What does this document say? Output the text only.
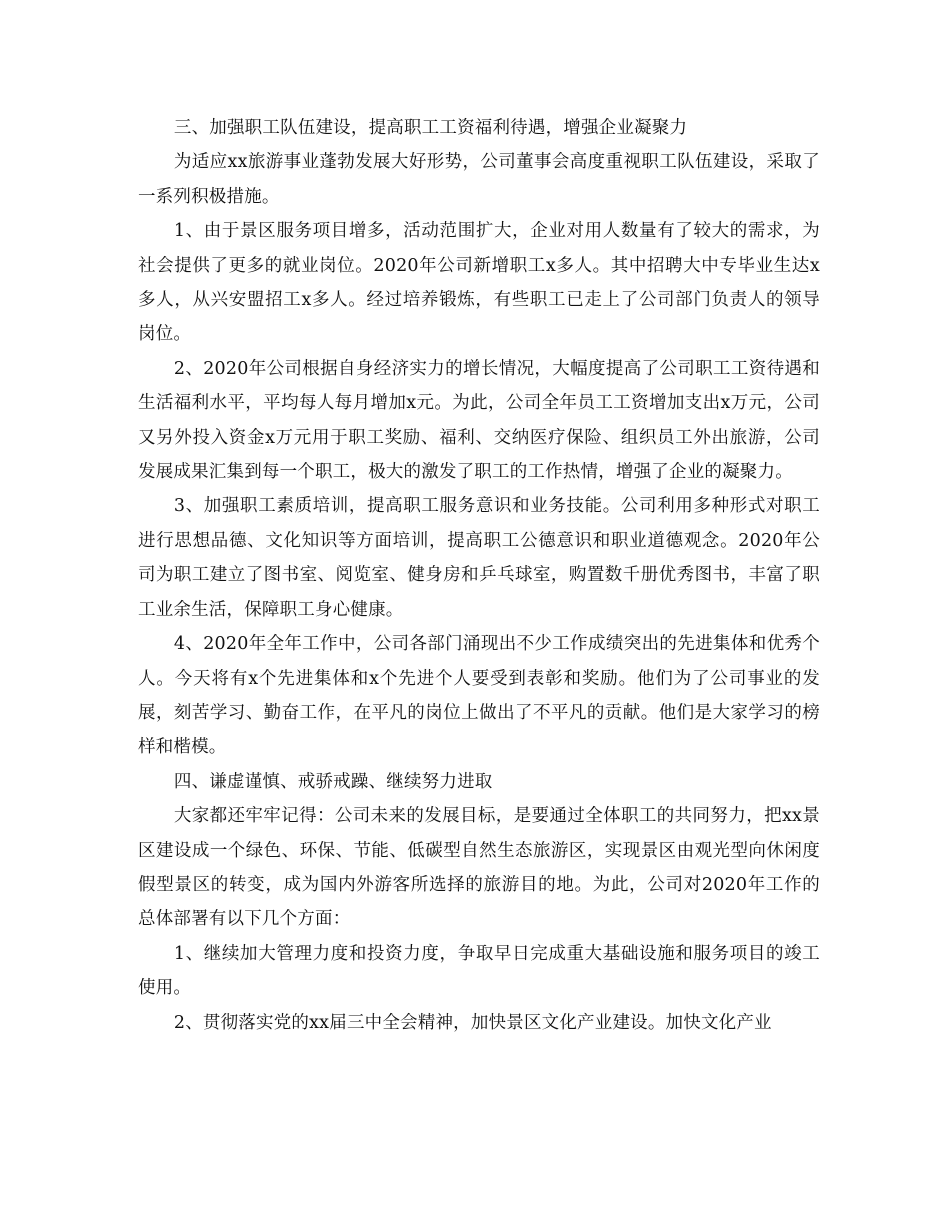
三、加强职工队伍建设，提高职工工资福利待遇，增强企业凝聚力

为适应xx旅游事业蓬勃发展大好形势，公司董事会高度重视职工队伍建设，采取了一系列积极措施。

1、由于景区服务项目增多，活动范围扩大，企业对用人数量有了较大的需求，为社会提供了更多的就业岗位。2020年公司新增职工x多人。其中招聘大中专毕业生达x多人，从兴安盟招工x多人。经过培养锻炼，有些职工已走上了公司部门负责人的领导岗位。

2、2020年公司根据自身经济实力的增长情况，大幅度提高了公司职工工资待遇和生活福利水平，平均每人每月增加x元。为此，公司全年员工工资增加支出x万元，公司又另外投入资金x万元用于职工奖励、福利、交纳医疗保险、组织员工外出旅游，公司发展成果汇集到每一个职工，极大的激发了职工的工作热情，增强了企业的凝聚力。

3、加强职工素质培训，提高职工服务意识和业务技能。公司利用多种形式对职工进行思想品德、文化知识等方面培训，提高职工公德意识和职业道德观念。2020年公司为职工建立了图书室、阅览室、健身房和乒乓球室，购置数千册优秀图书，丰富了职工业余生活，保障职工身心健康。

4、2020年全年工作中，公司各部门涌现出不少工作成绩突出的先进集体和优秀个人。今天将有x个先进集体和x个先进个人要受到表彰和奖励。他们为了公司事业的发展，刻苦学习、勤奋工作，在平凡的岗位上做出了不平凡的贡献。他们是大家学习的榜样和楷模。

四、谦虚谨慎、戒骄戒躁、继续努力进取

大家都还牢牢记得：公司未来的发展目标，是要通过全体职工的共同努力，把xx景区建设成一个绿色、环保、节能、低碳型自然生态旅游区，实现景区由观光型向休闲度假型景区的转变，成为国内外游客所选择的旅游目的地。为此，公司对2020年工作的总体部署有以下几个方面：

1、继续加大管理力度和投资力度，争取早日完成重大基础设施和服务项目的竣工使用。

2、贯彻落实党的xx届三中全会精神，加快景区文化产业建设。加快文化产业
